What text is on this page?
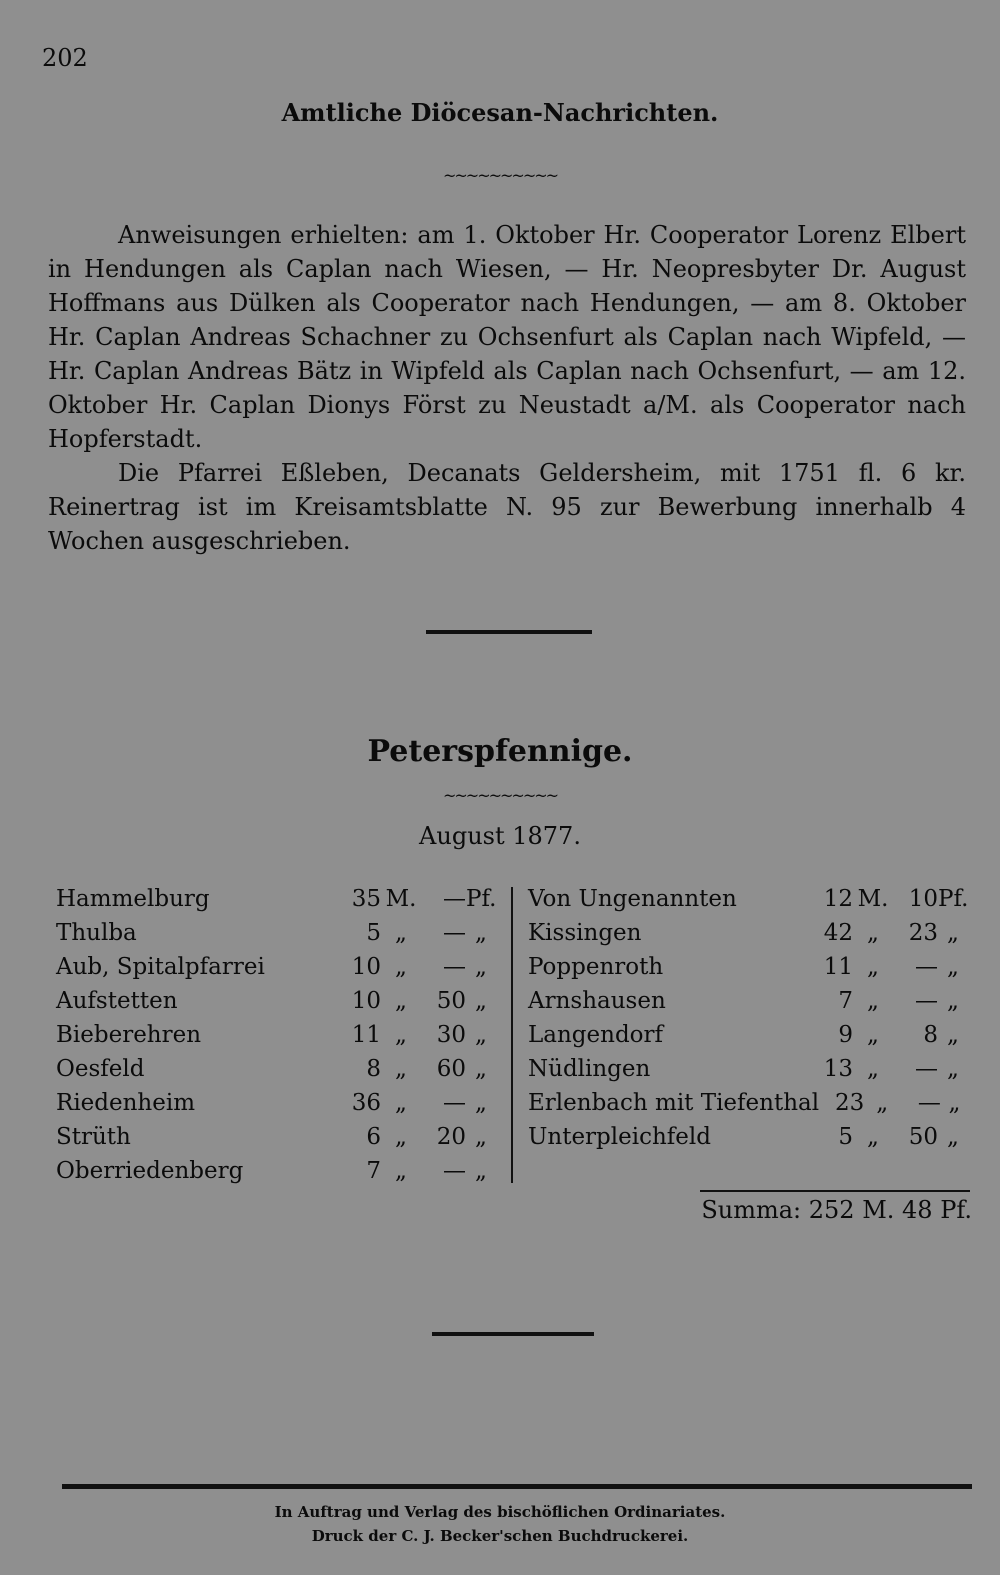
202
Amtliche Diöcesan-Nachrichten.
~~~~~~~~~~

Anweisungen erhielten: am 1. Oktober Hr. Cooperator Lorenz Elbert in Hendungen als Caplan nach Wiesen, — Hr. Neopresbyter Dr. August Hoffmans aus Dülken als Cooperator nach Hendungen, — am 8. Oktober Hr. Caplan Andreas Schachner zu Ochsenfurt als Caplan nach Wipfeld, — Hr. Caplan Andreas Bätz in Wipfeld als Caplan nach Ochsenfurt, — am 12. Oktober Hr. Caplan Dionys Först zu Neustadt a/M. als Cooperator nach Hopferstadt.

Die Pfarrei Eßleben, Decanats Geldersheim, mit 1751 fl. 6 kr. Reinertrag ist im Kreisamtsblatte N. 95 zur Bewerbung innerhalb 4 Wochen ausgeschrieben.

Peterspfennige.
~~~~~~~~~~
August 1877.
Hammelburg	35 M.	— Pf.
Thulba	5 „	— „
Aub, Spitalpfarrei	10 „	— „
Aufstetten	10 „	50 „
Bieberehren	11 „	30 „
Oesfeld	8 „	60 „
Riedenheim	36 „	— „
Strüth	6 „	20 „
Oberriedenberg	7 „	— „
Von Ungenannten	12 M. 10 Pf.
Kissingen	42 „	23 „
Poppenroth	11 „	— „
Arnshausen	7 „	— „
Langendorf	9 „	8 „
Nüdlingen	13 „	— „
Erlenbach mit Tiefenthal 23 „	— „
Unterpleichfeld	5 „	50 „
Summa: 252 M. 48 Pf.
In Auftrag und Verlag des bischöflichen Ordinariates.
Druck der C. J. Becker'schen Buchdruckerei.
